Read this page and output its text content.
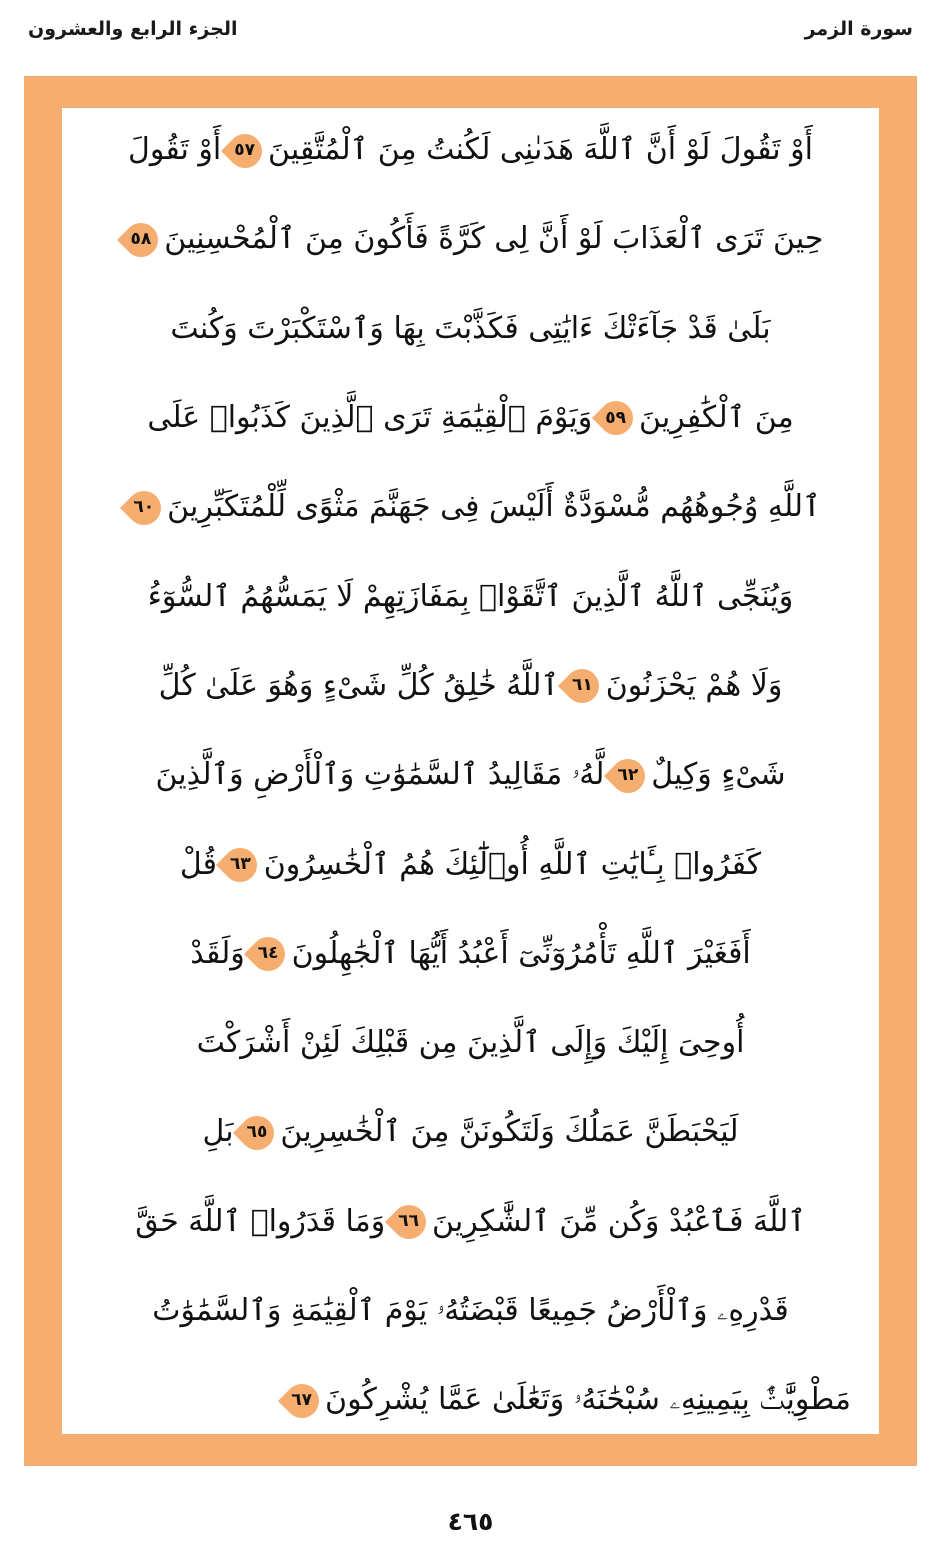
الجزء الرابع والعشرون	سورة الزمر
أَوْ تَقُولَ لَوْ أَنَّ ٱللَّهَ هَدَىٰنِى لَكُنتُ مِنَ ٱلْمُتَّقِينَ٥٧أَوْ تَقُولَ
حِينَ تَرَى ٱلْعَذَابَ لَوْ أَنَّ لِى كَرَّةً فَأَكُونَ مِنَ ٱلْمُحْسِنِينَ٥٨
بَلَىٰ قَدْ جَآءَتْكَ ءَايَٰتِى فَكَذَّبْتَ بِهَا وَٱسْتَكْبَرْتَ وَكُنتَ
مِنَ ٱلْكَٰفِرِينَ٥٩وَيَوْمَ ٱلْقِيَٰمَةِ تَرَى ٱلَّذِينَ كَذَبُوا۟ عَلَى
ٱللَّهِ وُجُوهُهُم مُّسْوَدَّةٌ أَلَيْسَ فِى جَهَنَّمَ مَثْوًى لِّلْمُتَكَبِّرِينَ٦٠
وَيُنَجِّى ٱللَّهُ ٱلَّذِينَ ٱتَّقَوْا۟ بِمَفَازَتِهِمْ لَا يَمَسُّهُمُ ٱلسُّوٓءُ
وَلَا هُمْ يَحْزَنُونَ٦١ٱللَّهُ خَٰلِقُ كُلِّ شَىْءٍ وَهُوَ عَلَىٰ كُلِّ
شَىْءٍ وَكِيلٌ٦٢لَّهُۥ مَقَالِيدُ ٱلسَّمَٰوَٰتِ وَٱلْأَرْضِ وَٱلَّذِينَ
كَفَرُوا۟ بِـَٔايَٰتِ ٱللَّهِ أُو۟لَٰٓئِكَ هُمُ ٱلْخَٰسِرُونَ٦٣قُلْ
أَفَغَيْرَ ٱللَّهِ تَأْمُرُوٓنِّىٓ أَعْبُدُ أَيُّهَا ٱلْجَٰهِلُونَ٦٤وَلَقَدْ
أُوحِىَ إِلَيْكَ وَإِلَى ٱلَّذِينَ مِن قَبْلِكَ لَئِنْ أَشْرَكْتَ
لَيَحْبَطَنَّ عَمَلُكَ وَلَتَكُونَنَّ مِنَ ٱلْخَٰسِرِينَ٦٥بَلِ
ٱللَّهَ فَٱعْبُدْ وَكُن مِّنَ ٱلشَّٰكِرِينَ٦٦وَمَا قَدَرُوا۟ ٱللَّهَ حَقَّ
قَدْرِهِۦ وَٱلْأَرْضُ جَمِيعًا قَبْضَتُهُۥ يَوْمَ ٱلْقِيَٰمَةِ وَٱلسَّمَٰوَٰتُ
مَطْوِيَّٰتٌۢ بِيَمِينِهِۦ سُبْحَٰنَهُۥ وَتَعَٰلَىٰ عَمَّا يُشْرِكُونَ٦٧
٤٦٥
